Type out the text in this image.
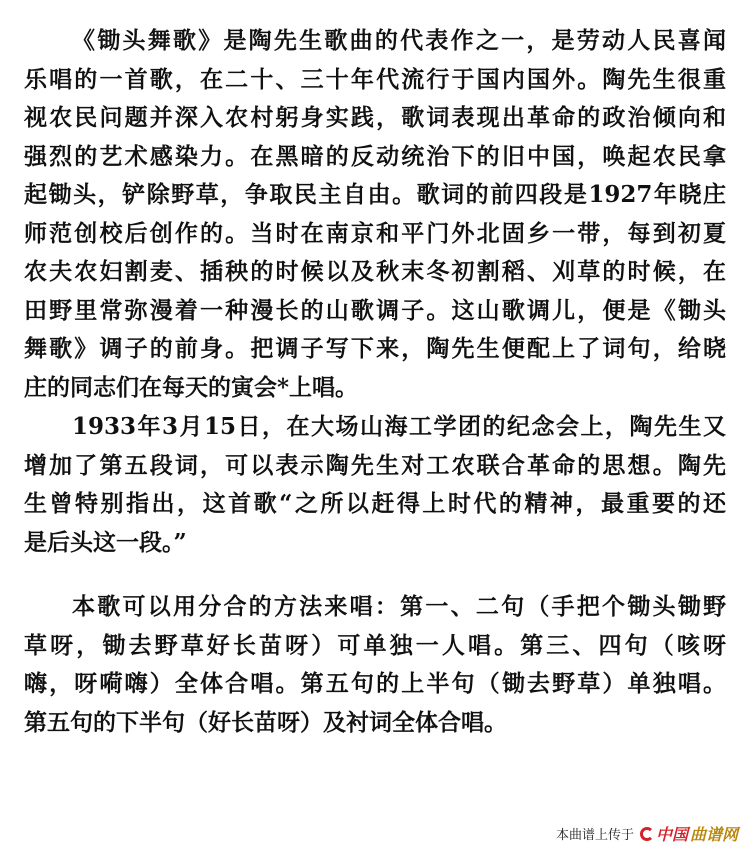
《锄头舞歌》是陶先生歌曲的代表作之一，是劳动人民喜闻
乐唱的一首歌，在二十、三十年代流行于国内国外。陶先生很重
视农民问题并深入农村躬身实践，歌词表现出革命的政治倾向和
强烈的艺术感染力。在黑暗的反动统治下的旧中国，唤起农民拿
起锄头，铲除野草，争取民主自由。歌词的前四段是1927年晓庄
师范创校后创作的。当时在南京和平门外北固乡一带，每到初夏
农夫农妇割麦、插秧的时候以及秋末冬初割稻、刈草的时候，在
田野里常弥漫着一种漫长的山歌调子。这山歌调儿，便是《锄头
舞歌》调子的前身。把调子写下来，陶先生便配上了词句，给晓
庄的同志们在每天的寅会*上唱。
1933年3月15日，在大场山海工学团的纪念会上，陶先生又
增加了第五段词，可以表示陶先生对工农联合革命的思想。陶先
生曾特别指出，这首歌“之所以赶得上时代的精神，最重要的还
是后头这一段。”
本歌可以用分合的方法来唱：第一、二句（手把个锄头锄野
草呀，锄去野草好长苗呀）可单独一人唱。第三、四句（咳呀
嗨，呀嗬嗨）全体合唱。第五句的上半句（锄去野草）单独唱。
第五句的下半句（好长苗呀）及衬词全体合唱。
本曲谱上传于 中国 曲谱网
